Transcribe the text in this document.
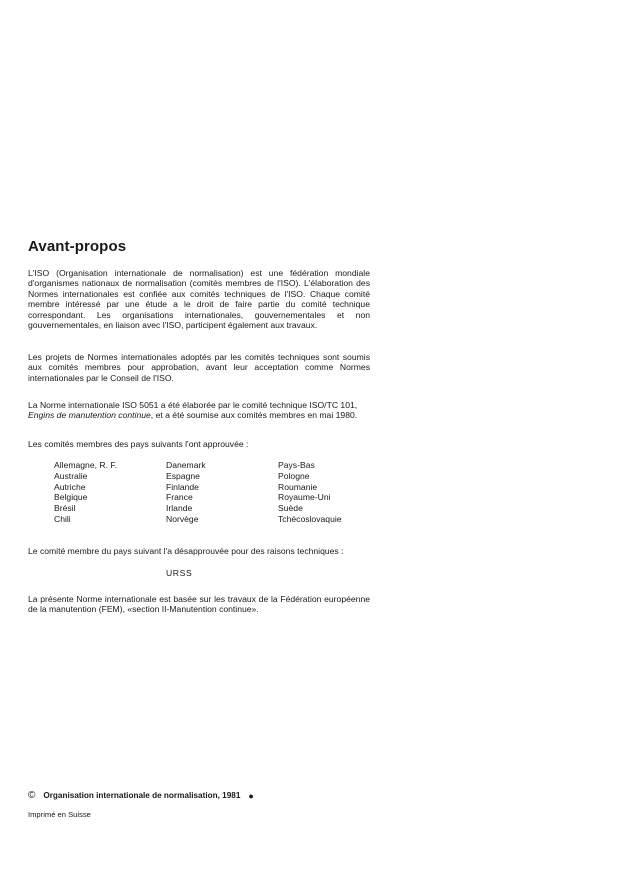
Avant-propos

L'ISO (Organisation internationale de normalisation) est une fédération mondiale d'organismes nationaux de normalisation (comités membres de l'ISO). L'élaboration des Normes internationales est confiée aux comités techniques de l'ISO. Chaque comité membre intéressé par une étude a le droit de faire partie du comité technique correspondant. Les organisations internationales, gouvernementales et non gouvernementales, en liaison avec l'ISO, participent également aux travaux.

Les projets de Normes internationales adoptés par les comités techniques sont soumis aux comités membres pour approbation, avant leur acceptation comme Normes internationales par le Conseil de l'ISO.

La Norme internationale ISO 5051 a été élaborée par le comité technique ISO/TC 101,
Engins de manutention continue, et a été soumise aux comités membres en mai 1980.

Les comités membres des pays suivants l'ont approuvée :

Allemagne, R. F.
Australie
Autriche
Belgique
Brésil
Chili
Danemark
Espagne
Finlande
France
Irlande
Norvège
Pays-Bas
Pologne
Roumanie
Royaume-Uni
Suède
Tchécoslovaquie

Le comité membre du pays suivant l'a désapprouvée pour des raisons techniques :

URSS

La présente Norme internationale est basée sur les travaux de la Fédération européenne de la manutention (FEM), «section II-Manutention continue».

© Organisation internationale de normalisation, 1981 ●
Imprimé en Suisse
